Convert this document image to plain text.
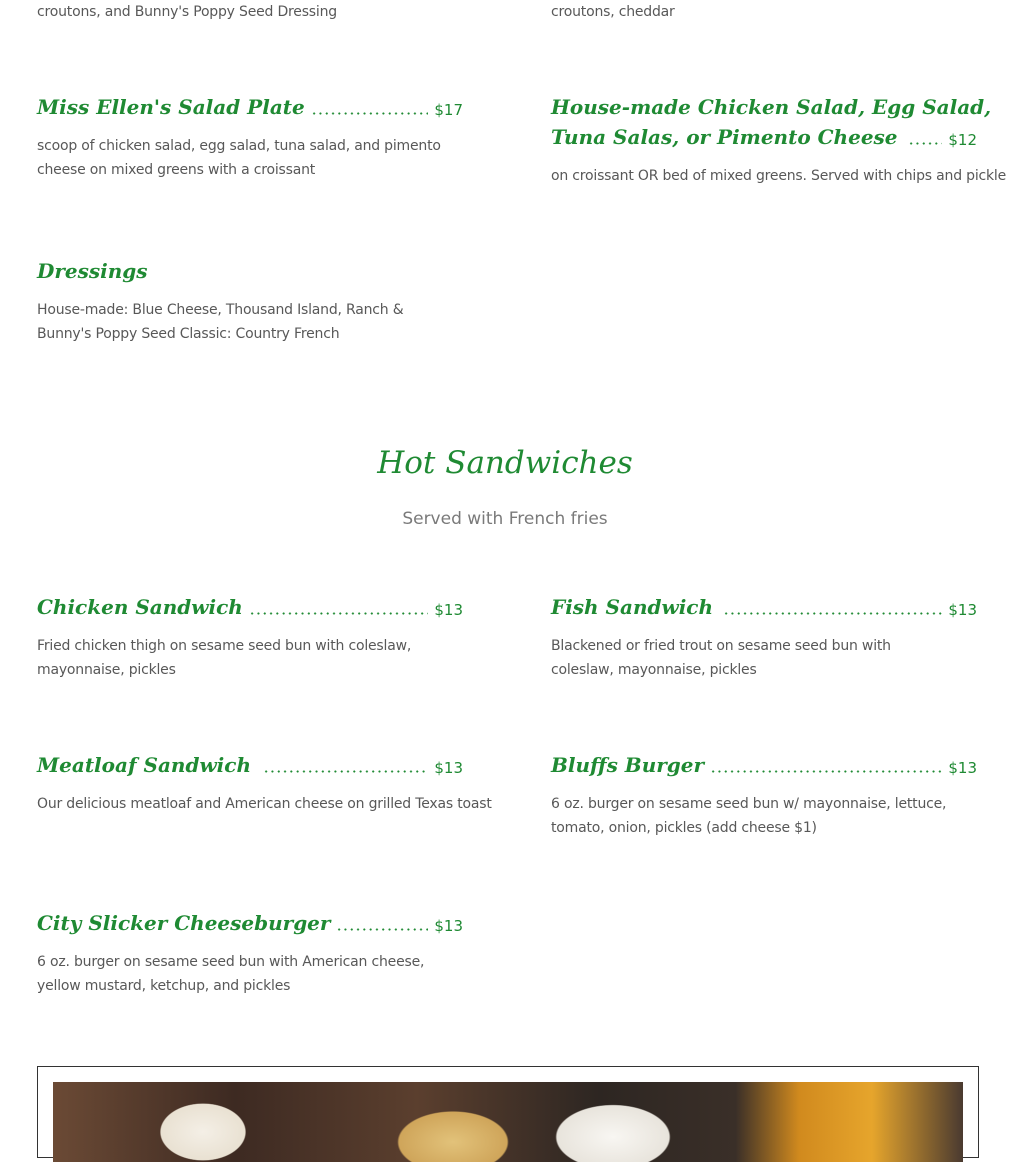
croutons, and Bunny's Poppy Seed Dressing	croutons, cheddar
Miss Ellen's Salad Plate	$17
scoop of chicken salad, egg salad, tuna salad, and pimento cheese on mixed greens with a croissant
House-made Chicken Salad, Egg Salad,
Tuna Salas, or Pimento Cheese	$12
on croissant OR bed of mixed greens. Served with chips and pickle
Dressings
House-made: Blue Cheese, Thousand Island, Ranch & Bunny's Poppy Seed Classic: Country French
Hot Sandwiches
Served with French fries
Chicken Sandwich	$13
Fried chicken thigh on sesame seed bun with coleslaw, mayonnaise, pickles
Fish Sandwich	$13
Blackened or fried trout on sesame seed bun with coleslaw, mayonnaise, pickles
Meatloaf Sandwich	$13
Our delicious meatloaf and American cheese on grilled Texas toast
Bluffs Burger	$13
6 oz. burger on sesame seed bun w/ mayonnaise, lettuce, tomato, onion, pickles (add cheese $1)
City Slicker Cheeseburger	$13
6 oz. burger on sesame seed bun with American cheese, yellow mustard, ketchup, and pickles
